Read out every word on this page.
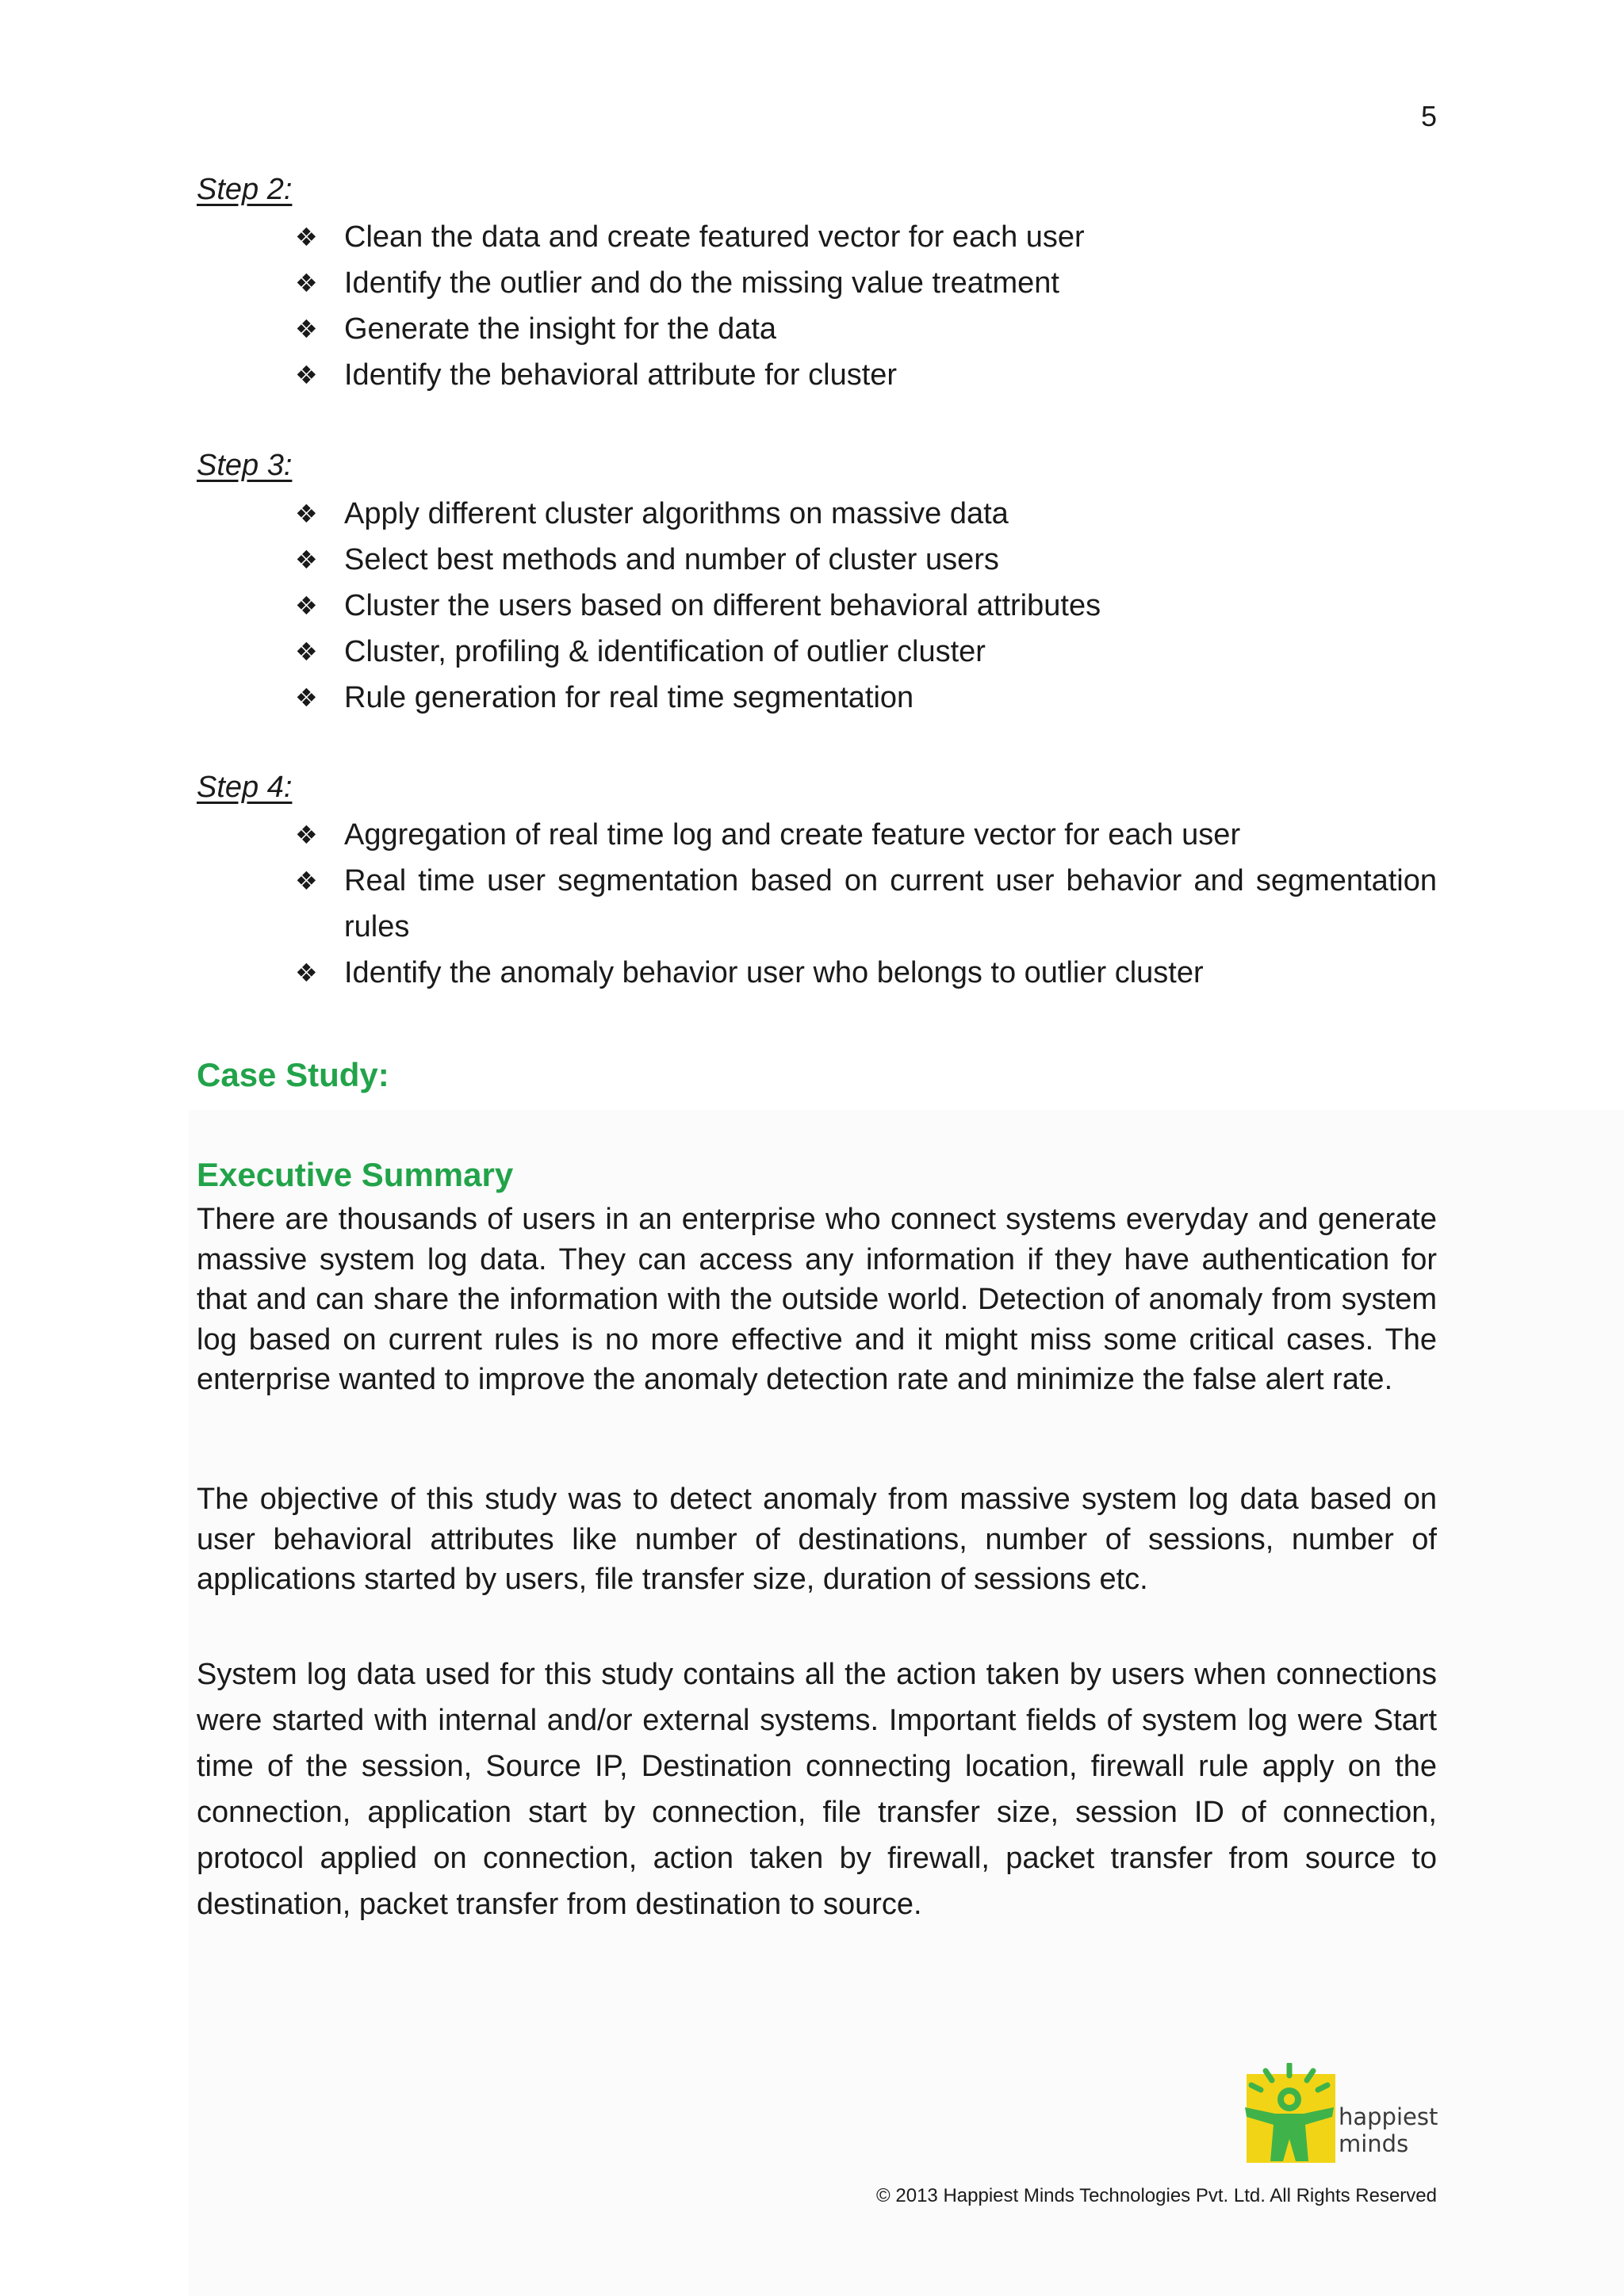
5
Step 2:
❖ Clean the data and create featured vector for each user
❖ Identify the outlier and do the missing value treatment
❖ Generate the insight for the data
❖ Identify the behavioral attribute for cluster
Step 3:
❖ Apply different cluster algorithms on massive data
❖ Select best methods and number of cluster users
❖ Cluster the users based on different behavioral attributes
❖ Cluster, profiling & identification of outlier cluster
❖ Rule generation for real time segmentation
Step 4:
❖ Aggregation of real time log and create feature vector for each user
❖ Real time user segmentation based on current user behavior and segmentation rules
❖ Identify the anomaly behavior user who belongs to outlier cluster
Case Study:
Executive Summary

There are thousands of users in an enterprise who connect systems everyday and generate massive system log data. They can access any information if they have authentication for that and can share the information with the outside world. Detection of anomaly from system log based on current rules is no more effective and it might miss some critical cases. The enterprise wanted to improve the anomaly detection rate and minimize the false alert rate.

The objective of this study was to detect anomaly from massive system log data based on user behavioral attributes like number of destinations, number of sessions, number of applications started by users, file transfer size, duration of sessions etc.

System log data used for this study contains all the action taken by users when connections were started with internal and/or external systems. Important fields of system log were Start time of the session, Source IP, Destination connecting location, firewall rule apply on the connection, application start by connection, file transfer size, session ID of connection, protocol applied on connection, action taken by firewall, packet transfer from source to destination, packet transfer from destination to source.

happiest
minds
© 2013 Happiest Minds Technologies Pvt. Ltd. All Rights Reserved
